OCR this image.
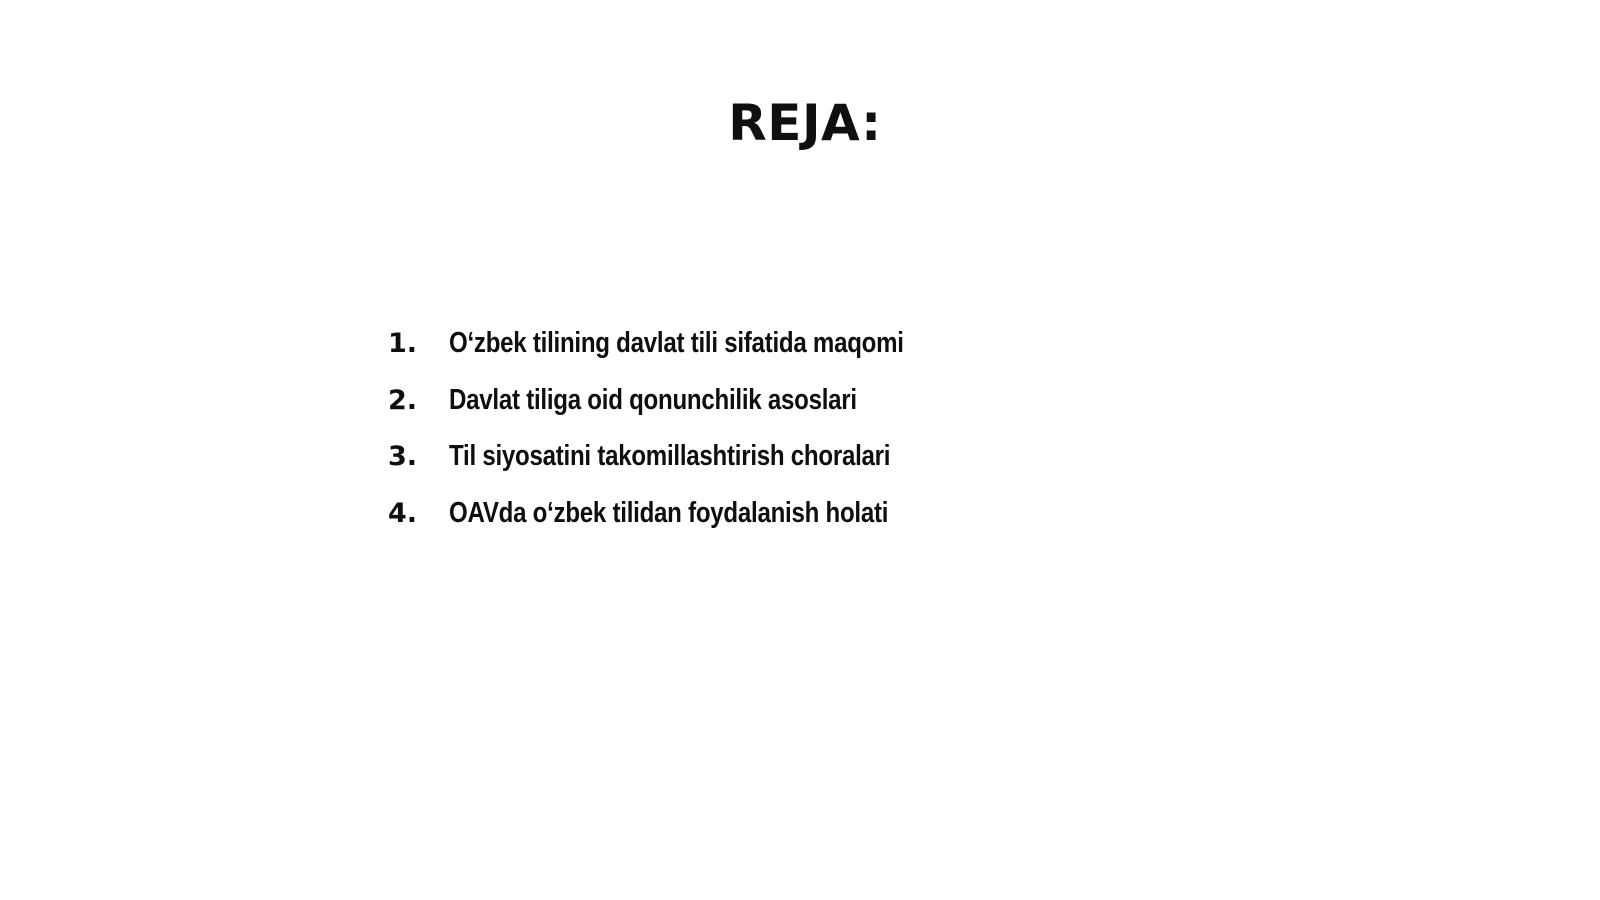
REJA:
1.	O‘zbek tilining davlat tili sifatida maqomi
2.	Davlat tiliga oid qonunchilik asoslari
3.	Til siyosatini takomillashtirish choralari
4.	OAVda o‘zbek tilidan foydalanish holati
